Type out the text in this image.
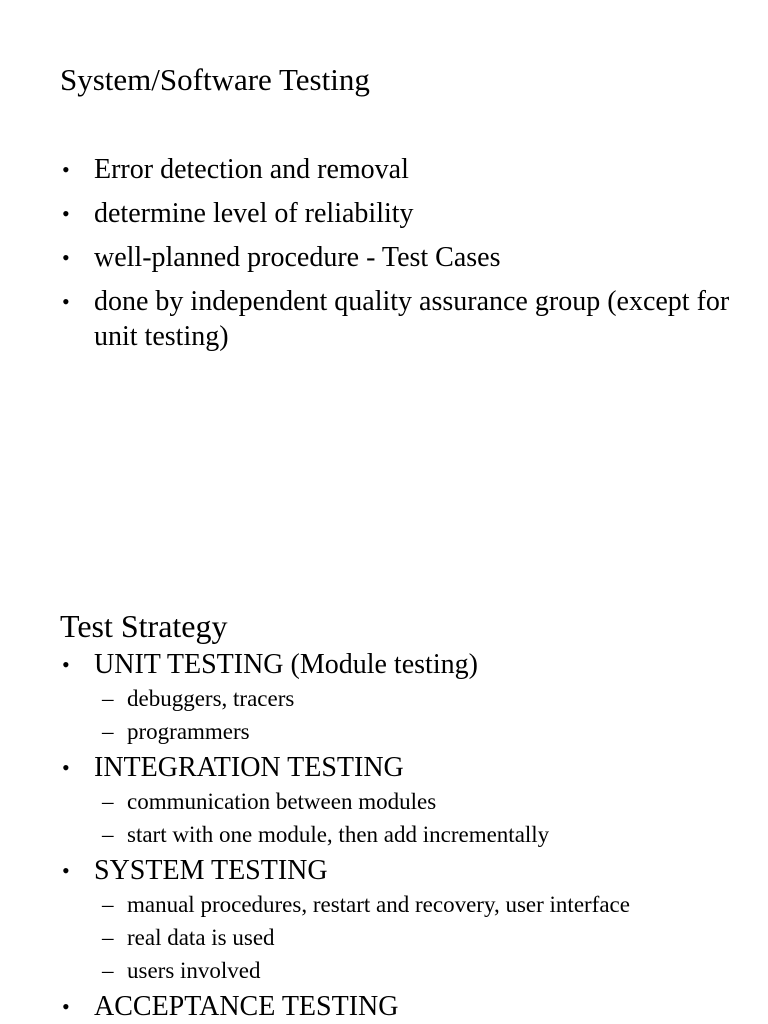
System/Software Testing
• Error detection and removal
• determine level of reliability
• well-planned procedure - Test Cases
• done by independent quality assurance group (except for unit testing)
Test Strategy
• UNIT TESTING (Module testing)
– debuggers, tracers
– programmers
• INTEGRATION TESTING
– communication between modules
– start with one module, then add incrementally
• SYSTEM TESTING
– manual procedures, restart and recovery, user interface
– real data is used
– users involved
• ACCEPTANCE TESTING
